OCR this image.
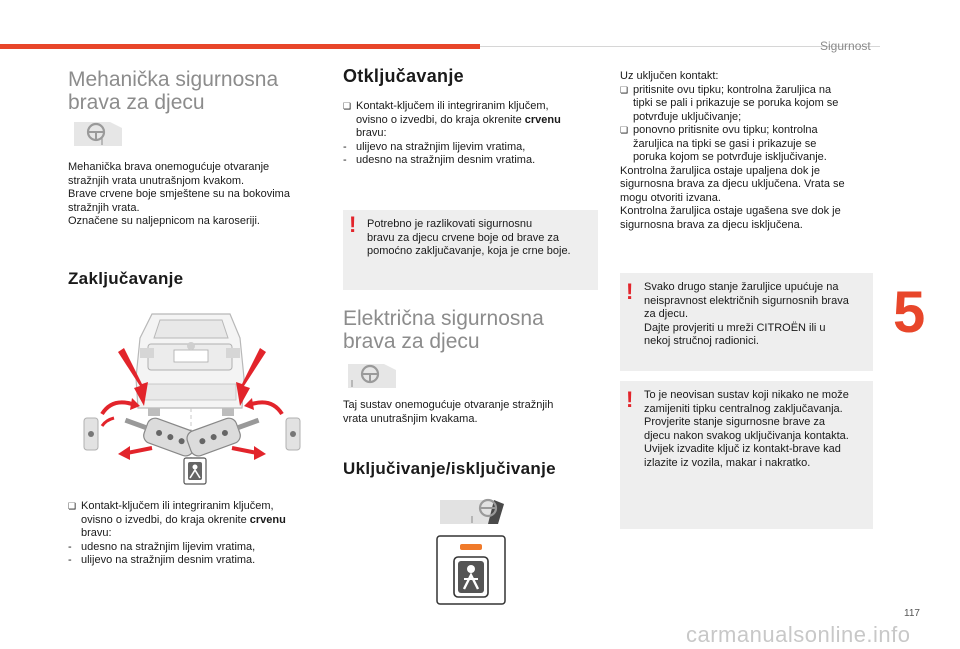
Sigurnost
5
Mehanička sigurnosna
brava za djecu
Mehanička brava onemogućuje otvaranje
stražnjih vrata unutrašnjom kvakom.
Brave crvene boje smještene su na bokovima
stražnjih vrata.
Označene su naljepnicom na karoseriji.
Zaključavanje
❏ Kontakt-ključem ili integriranim ključem,
ovisno o izvedbi, do kraja okrenite crvenu
bravu:
- udesno na stražnjim lijevim vratima,
- ulijevo na stražnjim desnim vratima.
Otključavanje
❏ Kontakt-ključem ili integriranim ključem,
ovisno o izvedbi, do kraja okrenite crvenu
bravu:
- ulijevo na stražnjim lijevim vratima,
- udesno na stražnjim desnim vratima.
! Potrebno je razlikovati sigurnosnu
bravu za djecu crvene boje od brave za
pomoćno zaključavanje, koja je crne boje.
Električna sigurnosna
brava za djecu
Taj sustav onemogućuje otvaranje stražnjih
vrata unutrašnjim kvakama.
Uključivanje/isključivanje
Uz uključen kontakt:
❏ pritisnite ovu tipku; kontrolna žaruljica na
tipki se pali i prikazuje se poruka kojom se
potvrđuje uključivanje;
❏ ponovno pritisnite ovu tipku; kontrolna
žaruljica na tipki se gasi i prikazuje se
poruka kojom se potvrđuje isključivanje.
Kontrolna žaruljica ostaje upaljena dok je
sigurnosna brava za djecu uključena. Vrata se
mogu otvoriti izvana.
Kontrolna žaruljica ostaje ugašena sve dok je
sigurnosna brava za djecu isključena.
! Svako drugo stanje žaruljice upućuje na
neispravnost električnih sigurnosnih brava
za djecu.
Dajte provjeriti u mreži CITROËN ili u
nekoj stručnoj radionici.
! To je neovisan sustav koji nikako ne može
zamijeniti tipku centralnog zaključavanja.
Provjerite stanje sigurnosne brave za
djecu nakon svakog uključivanja kontakta.
Uvijek izvadite ključ iz kontakt-brave kad
izlazite iz vozila, makar i nakratko.
117
carmanualsonline.info
